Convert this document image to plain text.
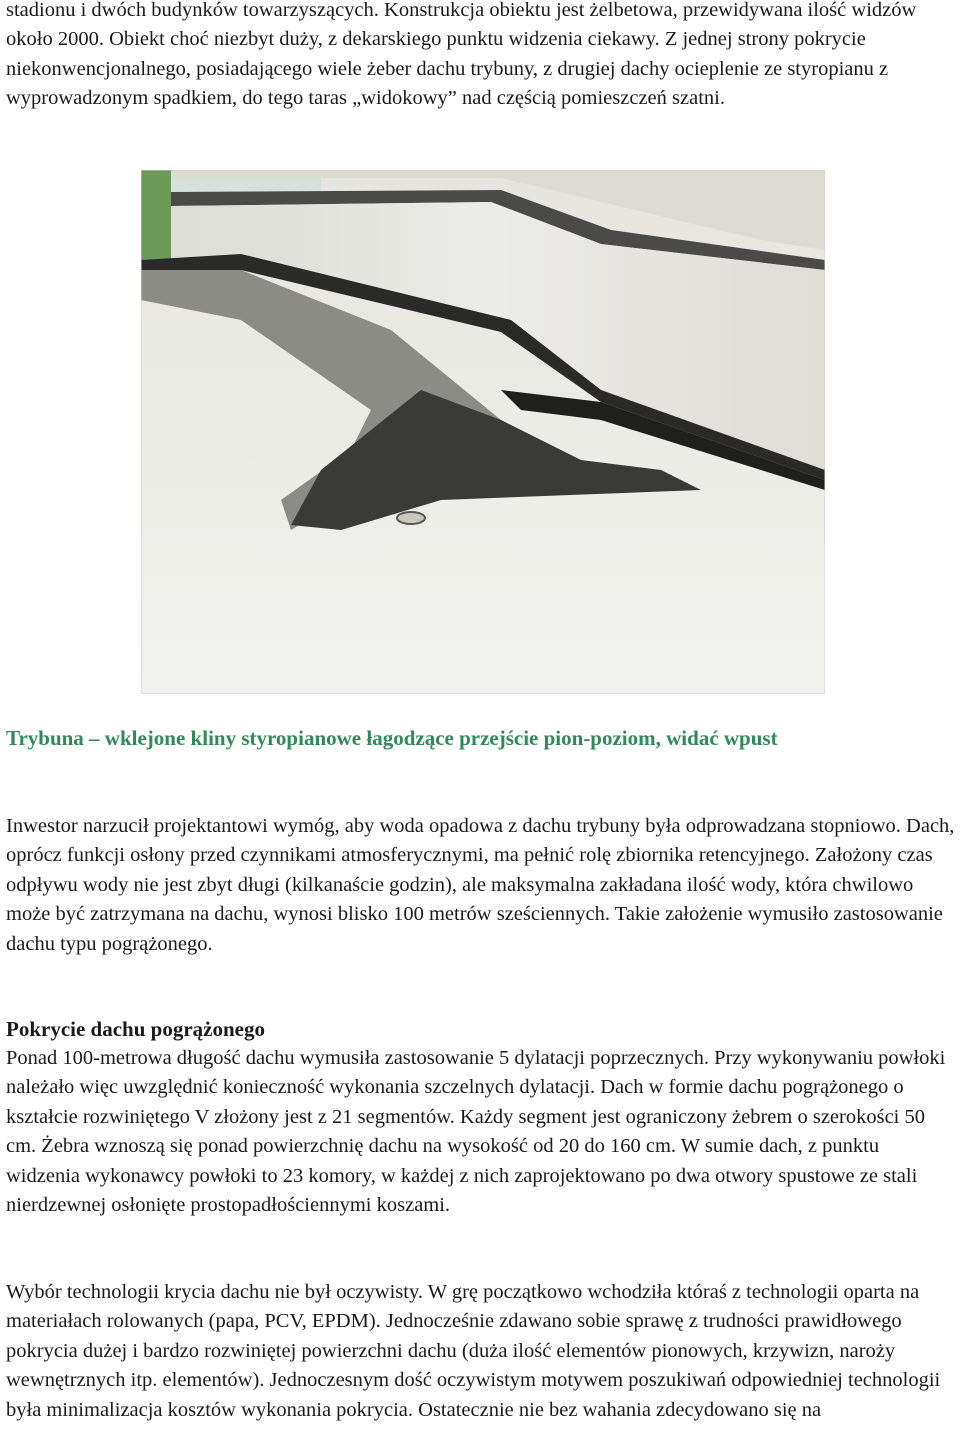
stadionu i dwóch budynków towarzyszących. Konstrukcja obiektu jest żelbetowa, przewidywana ilość widzów około 2000. Obiekt choć niezbyt duży, z dekarskiego punktu widzenia ciekawy. Z jednej strony pokrycie niekonwencjonalnego, posiadającego wiele żeber dachu trybuny, z drugiej dachy ocieplenie ze styropianu z wyprowadzonym spadkiem, do tego taras „widokowy” nad częścią pomieszczeń szatni.

Trybuna – wklejone kliny styropianowe łagodzące przejście pion-poziom, widać wpust

Inwestor narzucił projektantowi wymóg, aby woda opadowa z dachu trybuny była odprowadzana stopniowo. Dach, oprócz funkcji osłony przed czynnikami atmosferycznymi, ma pełnić rolę zbiornika retencyjnego. Założony czas odpływu wody nie jest zbyt długi (kilkanaście godzin), ale maksymalna zakładana ilość wody, która chwilowo może być zatrzymana na dachu, wynosi blisko 100 metrów sześciennych. Takie założenie wymusiło zastosowanie dachu typu pogrążonego.

Pokrycie dachu pogrążonego

Ponad 100-metrowa długość dachu wymusiła zastosowanie 5 dylatacji poprzecznych. Przy wykonywaniu powłoki należało więc uwzględnić konieczność wykonania szczelnych dylatacji. Dach w formie dachu pogrążonego o kształcie rozwiniętego V złożony jest z 21 segmentów. Każdy segment jest ograniczony żebrem o szerokości 50 cm. Żebra wznoszą się ponad powierzchnię dachu na wysokość od 20 do 160 cm. W sumie dach, z punktu widzenia wykonawcy powłoki to 23 komory, w każdej z nich zaprojektowano po dwa otwory spustowe ze stali nierdzewnej osłonięte prostopadłościennymi koszami.

Wybór technologii krycia dachu nie był oczywisty. W grę początkowo wchodziła któraś z technologii oparta na materiałach rolowanych (papa, PCV, EPDM). Jednocześnie zdawano sobie sprawę z trudności prawidłowego pokrycia dużej i bardzo rozwiniętej powierzchni dachu (duża ilość elementów pionowych, krzywizn, naroży wewnętrznych itp. elementów). Jednoczesnym dość oczywistym motywem poszukiwań odpowiedniej technologii była minimalizacja kosztów wykonania pokrycia. Ostatecznie nie bez wahania zdecydowano się na
